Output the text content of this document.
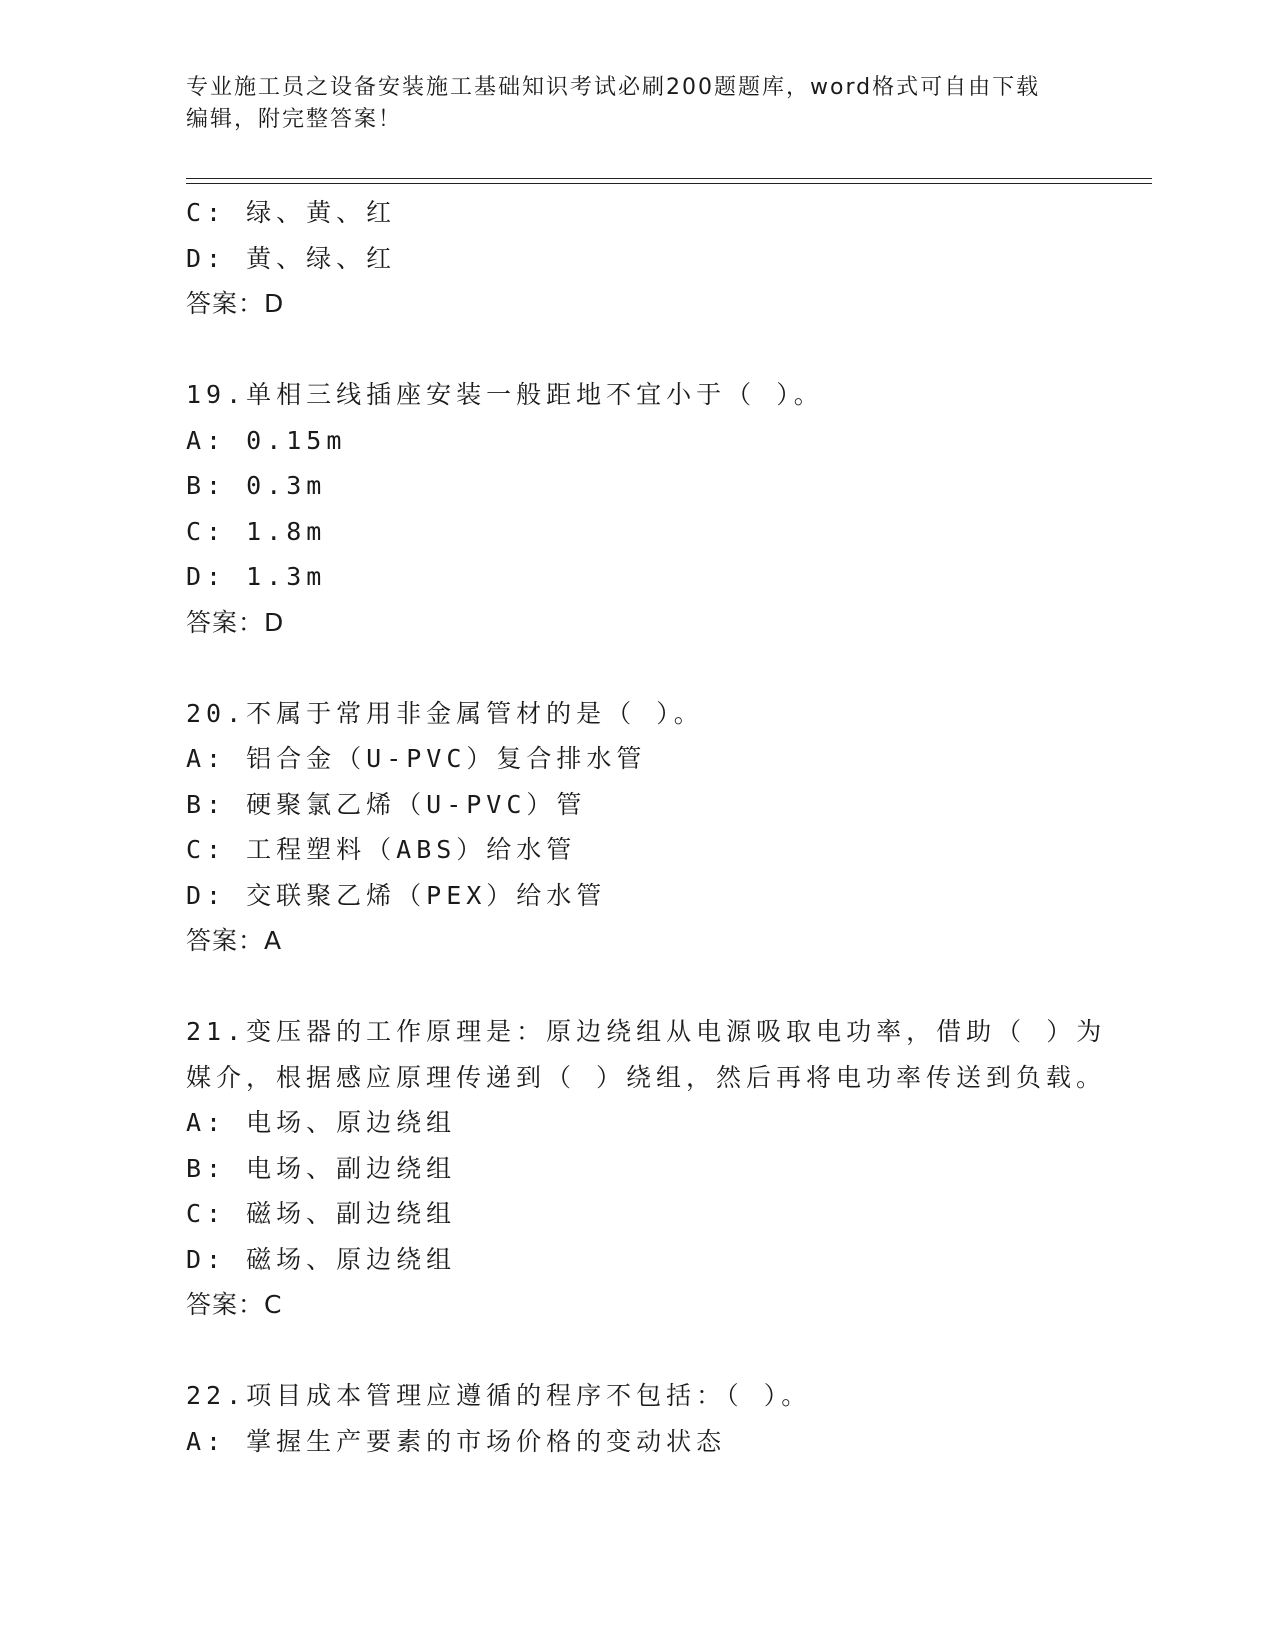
专业施工员之设备安装施工基础知识考试必刷200题题库，word格式可自由下载
编辑，附完整答案！
C: 绿、黄、红
D: 黄、绿、红
答案：D
19.单相三线插座安装一般距地不宜小于（ ）。
A: 0.15m
B: 0.3m
C: 1.8m
D: 1.3m
答案：D
20.不属于常用非金属管材的是（ ）。
A: 铝合金（U-PVC）复合排水管
B: 硬聚氯乙烯（U-PVC）管
C: 工程塑料（ABS）给水管
D: 交联聚乙烯（PEX）给水管
答案：A
21.变压器的工作原理是：原边绕组从电源吸取电功率，借助（ ）为
媒介，根据感应原理传递到（ ）绕组，然后再将电功率传送到负载。
A: 电场、原边绕组
B: 电场、副边绕组
C: 磁场、副边绕组
D: 磁场、原边绕组
答案：C
22.项目成本管理应遵循的程序不包括：（ ）。
A: 掌握生产要素的市场价格的变动状态
